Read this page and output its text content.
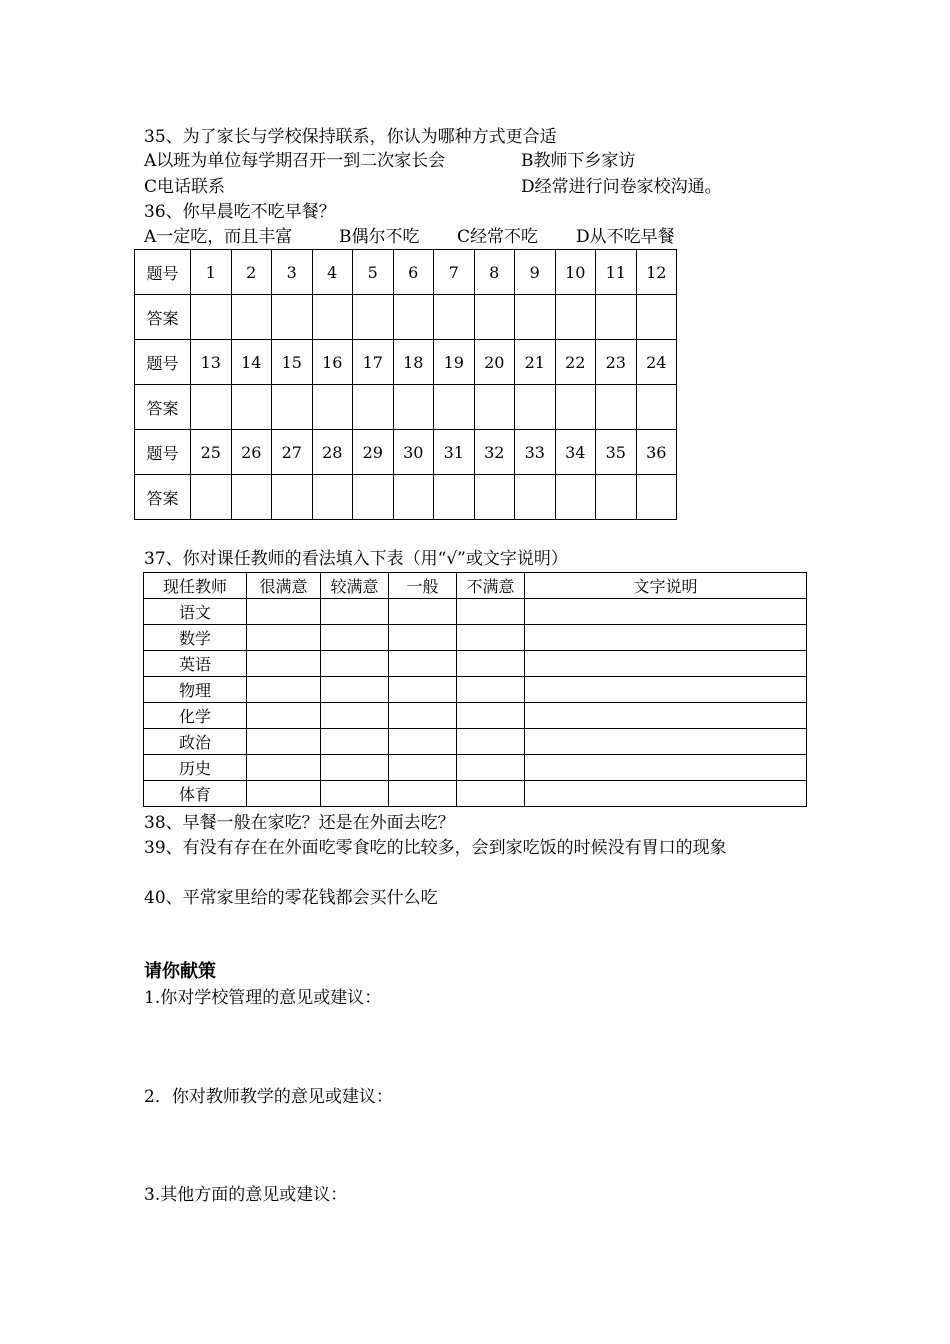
35、为了家长与学校保持联系，你认为哪种方式更合适
A以班为单位每学期召开一到二次家长会	B教师下乡家访
C电话联系	D经常进行问卷家校沟通。
36、你早晨吃不吃早餐？
A一定吃，而且丰富	B偶尔不吃 C经常不吃 D从不吃早餐
题号	1	2	3	4	5	6	7	8	9	10	11	12
答案												
题号	13	14	15	16	17	18	19	20	21	22	23	24
答案												
题号	25	26	27	28	29	30	31	32	33	34	35	36
答案												
37、你对课任教师的看法填入下表（用“√”或文字说明）
现任教师	很满意	较满意	一般	不满意	文字说明
语文					
数学					
英语					
物理					
化学					
政治					
历史					
体育					
38、早餐一般在家吃？还是在外面去吃？
39、有没有存在在外面吃零食吃的比较多，会到家吃饭的时候没有胃口的现象
40、平常家里给的零花钱都会买什么吃
请你献策
1.你对学校管理的意见或建议：
2．你对教师教学的意见或建议：
3.其他方面的意见或建议：
